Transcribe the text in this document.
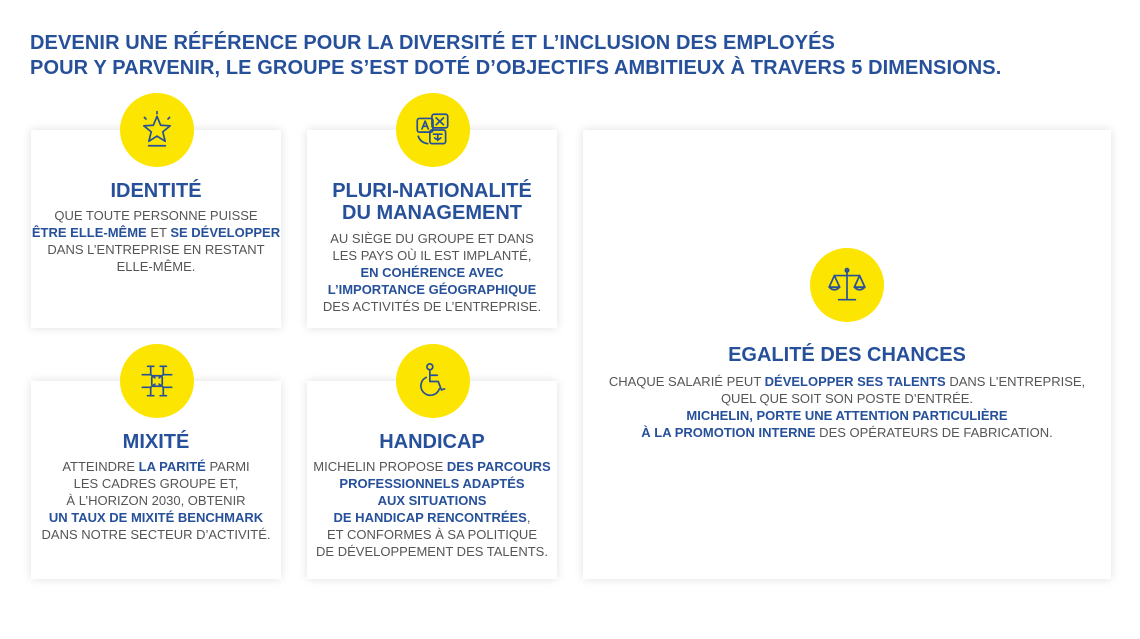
DEVENIR UNE RÉFÉRENCE POUR LA DIVERSITÉ ET L’INCLUSION DES EMPLOYÉS
POUR Y PARVENIR, LE GROUPE S’EST DOTÉ D’OBJECTIFS AMBITIEUX À TRAVERS 5 DIMENSIONS.
IDENTITÉ
QUE TOUTE PERSONNE PUISSE
ÊTRE ELLE-MÊME ET SE DÉVELOPPER
DANS L’ENTREPRISE EN RESTANT
ELLE-MÊME.
PLURI-NATIONALITÉ
DU MANAGEMENT
AU SIÈGE DU GROUPE ET DANS
LES PAYS OÙ IL EST IMPLANTÉ,
EN COHÉRENCE AVEC
L’IMPORTANCE GÉOGRAPHIQUE
DES ACTIVITÉS DE L’ENTREPRISE.
MIXITÉ
ATTEINDRE LA PARITÉ PARMI
LES CADRES GROUPE ET,
À L’HORIZON 2030, OBTENIR
UN TAUX DE MIXITÉ BENCHMARK
DANS NOTRE SECTEUR D’ACTIVITÉ.
HANDICAP
MICHELIN PROPOSE DES PARCOURS
PROFESSIONNELS ADAPTÉS
AUX SITUATIONS
DE HANDICAP RENCONTRÉES,
ET CONFORMES À SA POLITIQUE
DE DÉVELOPPEMENT DES TALENTS.
EGALITÉ DES CHANCES
CHAQUE SALARIÉ PEUT DÉVELOPPER SES TALENTS DANS L’ENTREPRISE,
QUEL QUE SOIT SON POSTE D’ENTRÉE.
MICHELIN, PORTE UNE ATTENTION PARTICULIÈRE
À LA PROMOTION INTERNE DES OPÉRATEURS DE FABRICATION.
